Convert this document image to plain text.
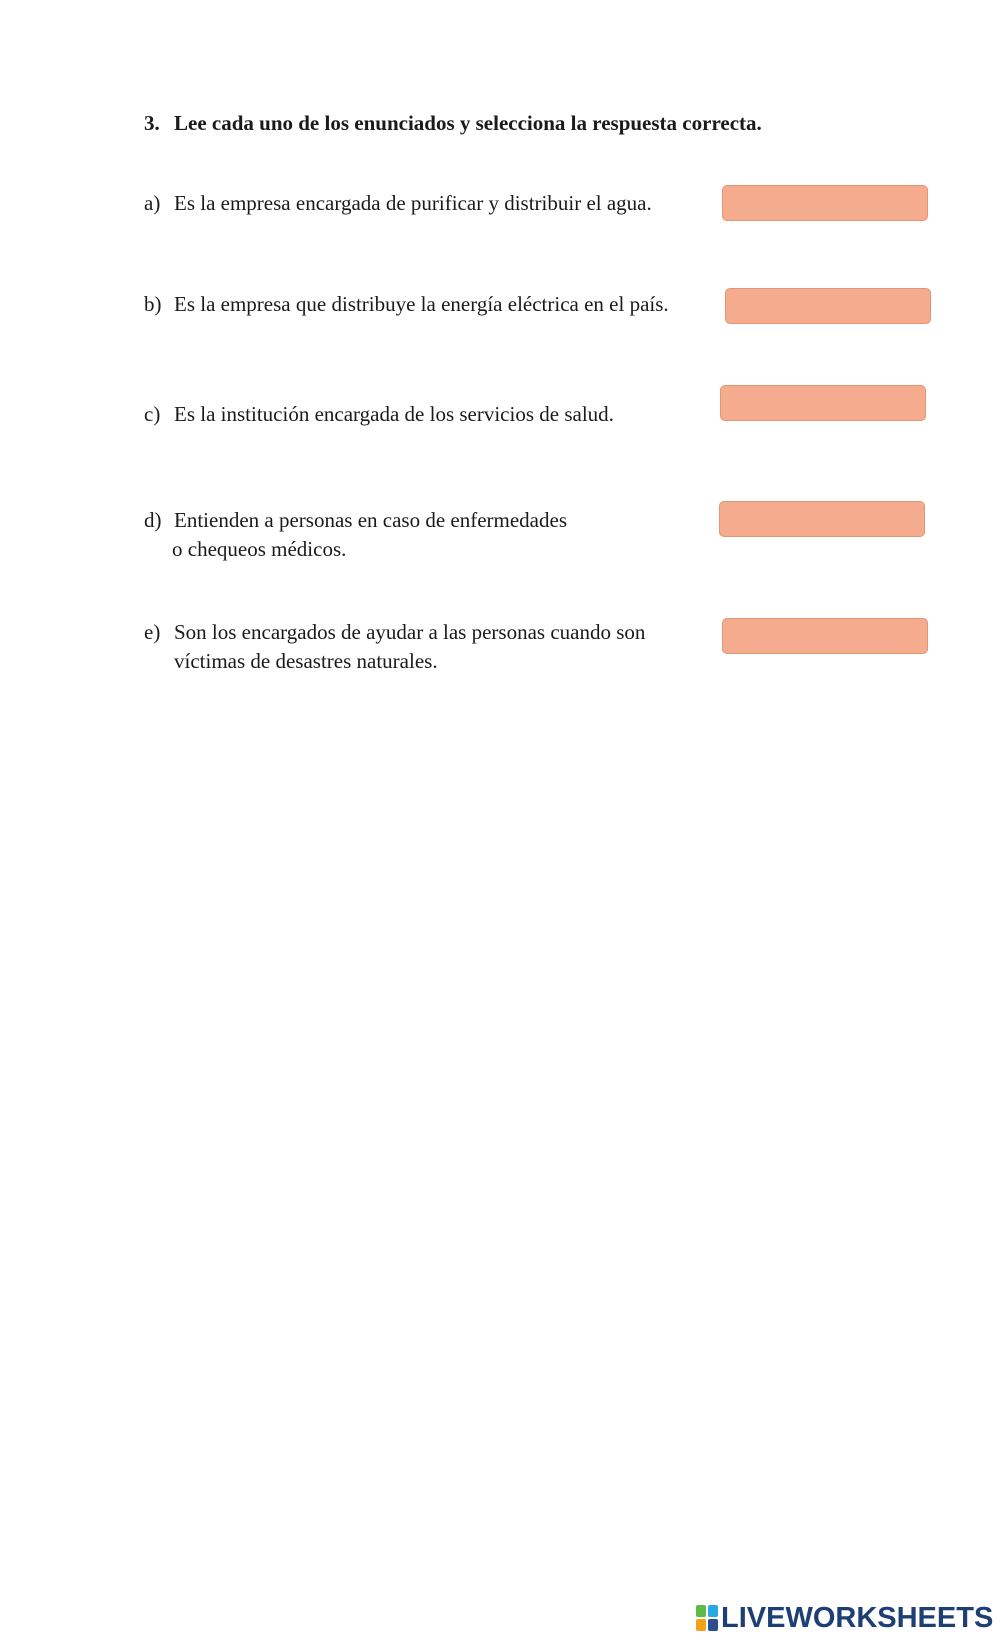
3. Lee cada uno de los enunciados y selecciona la respuesta correcta.
a) Es la empresa encargada de purificar y distribuir el agua.
b) Es la empresa que distribuye la energía eléctrica en el país.
c) Es la institución encargada de los servicios de salud.
d) Entienden a personas en caso de enfermedades
o chequeos médicos.
e) Son los encargados de ayudar a las personas cuando son
víctimas de desastres naturales.
LIVEWORKSHEETS
